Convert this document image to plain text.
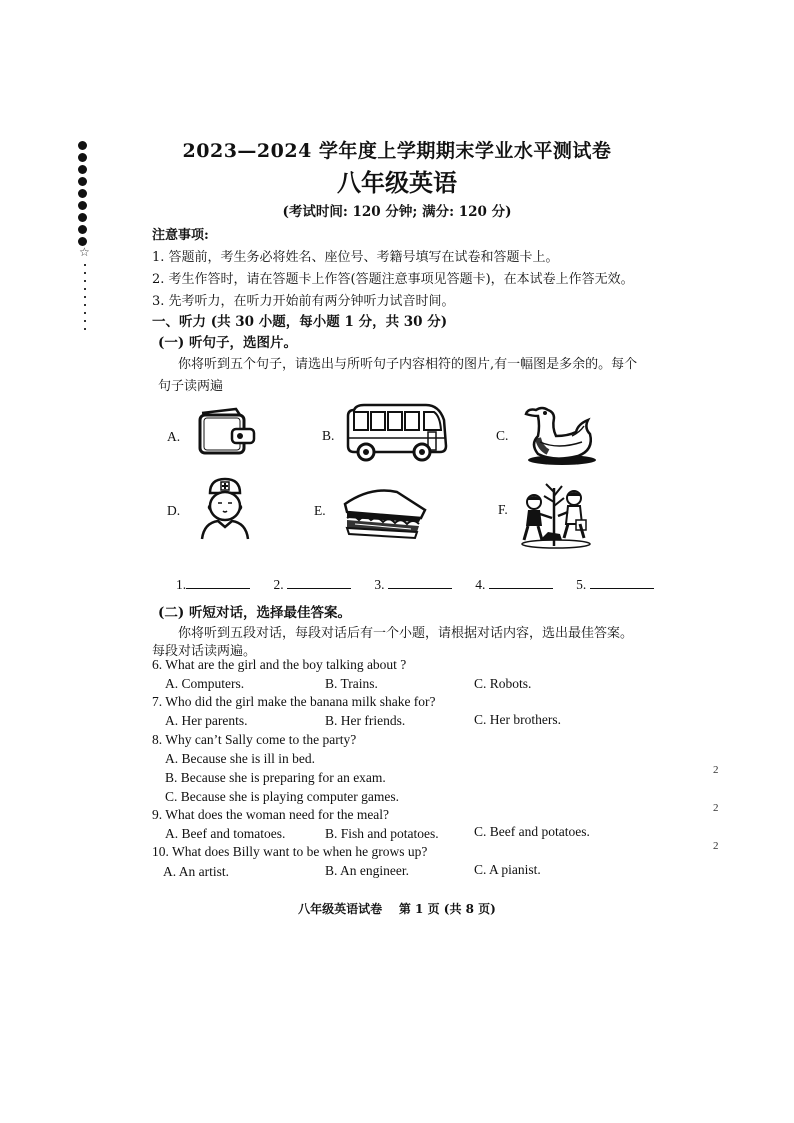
☆
2023—2024 学年度上学期期末学业水平测试卷
八年级英语
(考试时间: 120 分钟; 满分: 120 分)
注意事项:
1. 答题前，考生务必将姓名、座位号、考籍号填写在试卷和答题卡上。
2. 考生作答时，请在答题卡上作答(答题注意事项见答题卡)，在本试卷上作答无效。
3. 先考听力，在听力开始前有两分钟听力试音时间。
一、听力 (共 30 小题，每小题 1 分，共 30 分)
(一) 听句子，选图片。
你将听到五个句子，请选出与所听句子内容相符的图片,有一幅图是多余的。每个
句子读两遍
A.	B.	C.
D.	E.	F.
1.	2.	3.	4.	5.
(二) 听短对话，选择最佳答案。
你将听到五段对话，每段对话后有一个小题，请根据对话内容，选出最佳答案。
每段对话读两遍。
6. What are the girl and the boy talking about ?
A. Computers.	B. Trains.	C. Robots.
7. Who did the girl make the banana milk shake for?
A. Her parents.	B. Her friends.	C. Her brothers.
8. Why can’t Sally come to the party?
A. Because she is ill in bed.
B. Because she is preparing for an exam.
C. Because she is playing computer games.
9. What does the woman need for the meal?
A. Beef and tomatoes.	B. Fish and potatoes.	C. Beef and potatoes.
10. What does Billy want to be when he grows up?
A. An artist.	B. An engineer.	C. A pianist.
2
2
2
八年级英语试卷    第 1 页 (共 8 页)
